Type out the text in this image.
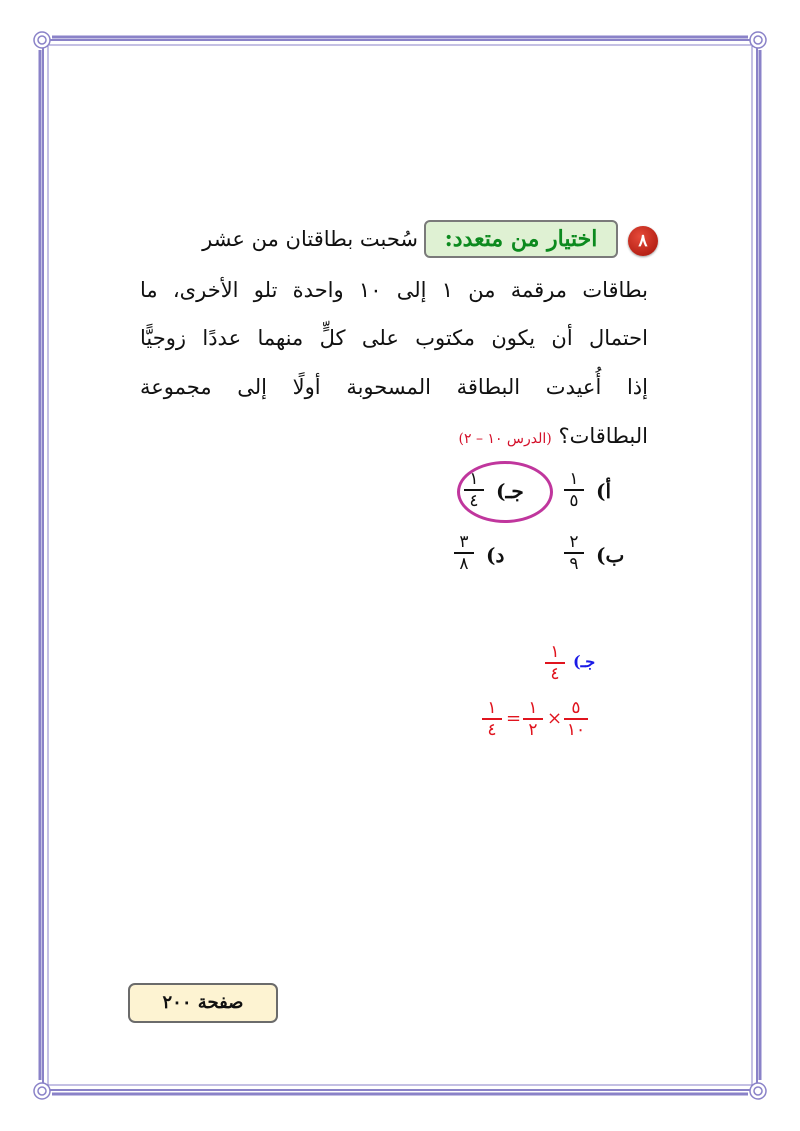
٨
اختيار من متعدد:
سُحبت بطاقتان من عشر
بطاقات مرقمة من ١ إلى ١٠ واحدة تلو الأخرى، ما
احتمال أن يكون مكتوب على كلٍّ منهما عددًا زوجيًّا
إذا أُعيدت البطاقة المسحوبة أولًا إلى مجموعة
البطاقات؟ (الدرس ١٠ – ٢)
أ)
١
٥
ب)
٢
٩
جـ)
١
٤
د)
٣
٨
جـ)
١
٤
١
٤
= ١
٢
× ٥
١٠
صفحة ٢٠٠
